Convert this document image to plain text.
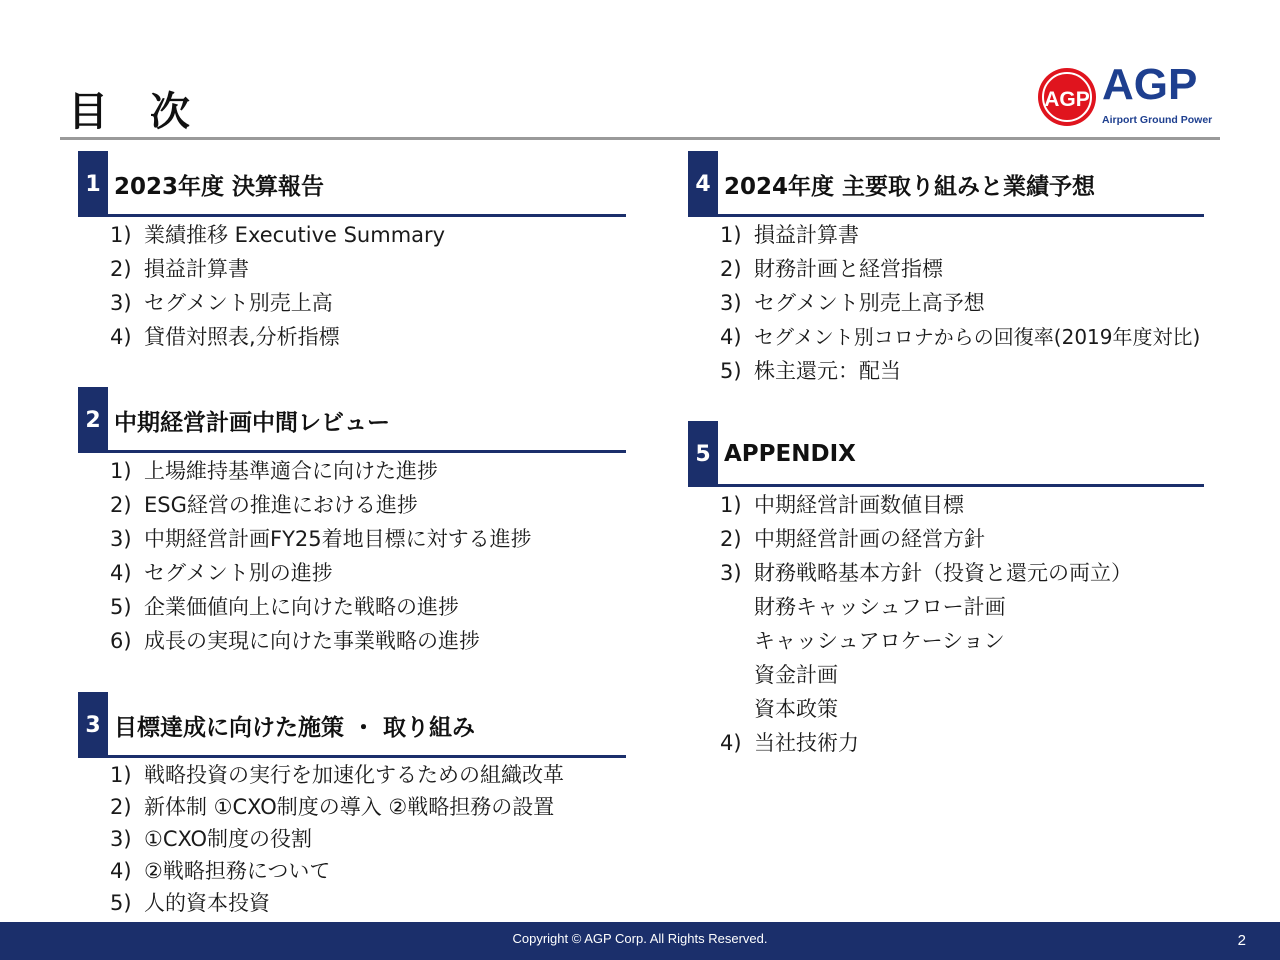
目 次	AGP AGP
Airport Ground Power
1 2023年度 決算報告
1) 業績推移 Executive Summary
2) 損益計算書
3) セグメント別売上高
4) 貸借対照表,分析指標
2 中期経営計画中間レビュー
1) 上場維持基準適合に向けた進捗
2) ESG経営の推進における進捗
3) 中期経営計画FY25着地目標に対する進捗
4) セグメント別の進捗
5) 企業価値向上に向けた戦略の進捗
6) 成長の実現に向けた事業戦略の進捗
3 目標達成に向けた施策 ・ 取り組み
1) 戦略投資の実行を加速化するための組織改革
2) 新体制 ①CXO制度の導入 ②戦略担務の設置
3) ①CXO制度の役割
4) ②戦略担務について
5) 人的資本投資
4 2024年度 主要取り組みと業績予想
1) 損益計算書
2) 財務計画と経営指標
3) セグメント別売上高予想
4) セグメント別コロナからの回復率(2019年度対比)
5) 株主還元：配当
5 APPENDIX
1) 中期経営計画数値目標
2) 中期経営計画の経営方針
3) 財務戦略基本方針（投資と還元の両立）
財務キャッシュフロー計画
キャッシュアロケーション
資金計画
資本政策
4) 当社技術力
Copyright © AGP Corp. All Rights Reserved.	2
